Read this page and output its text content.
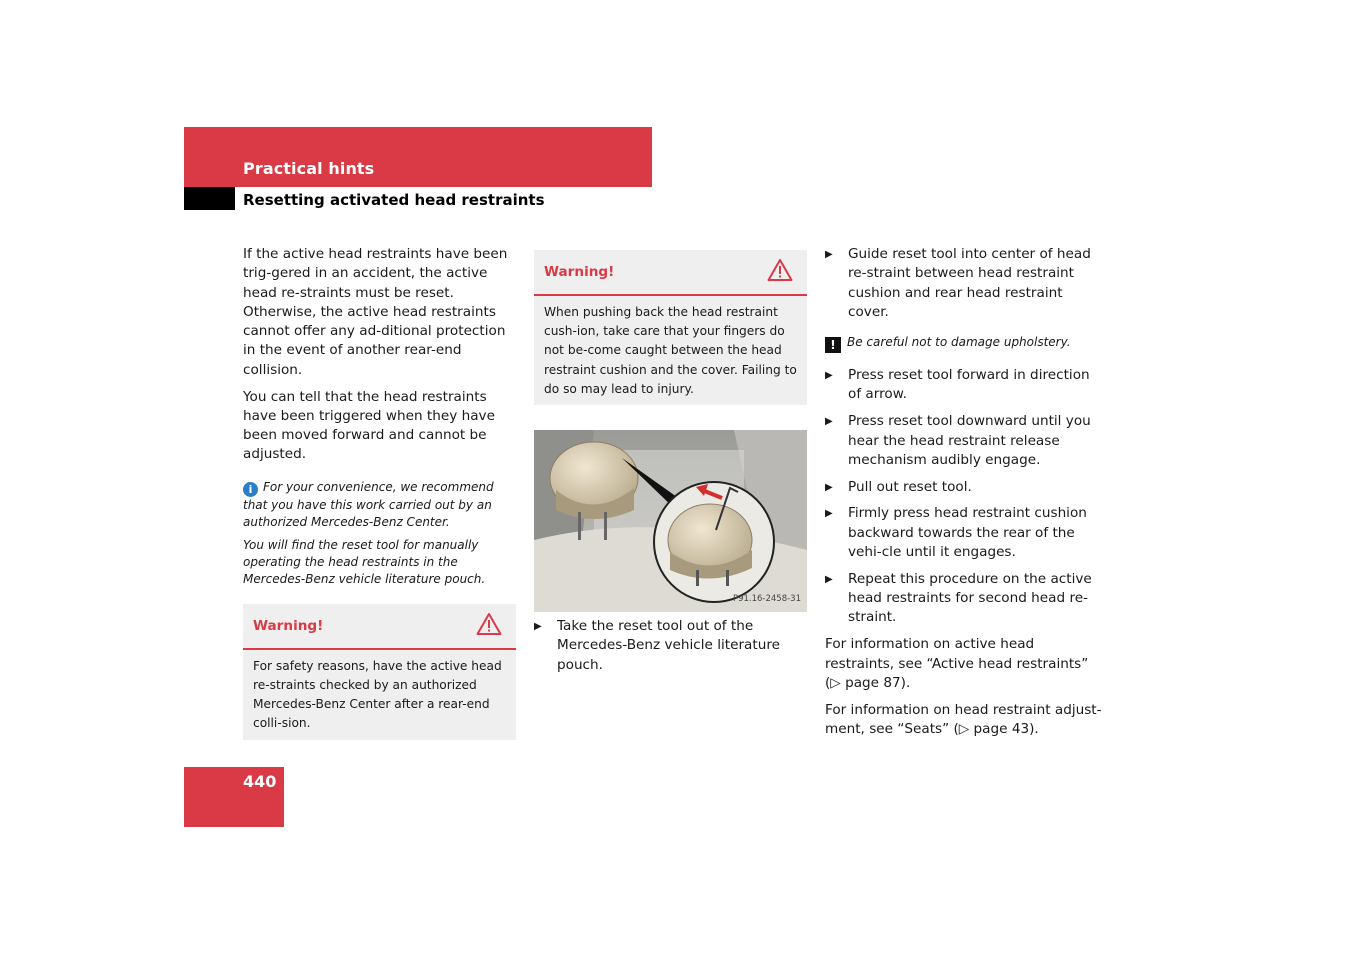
Practical hints
Resetting activated head restraints

If the active head restraints have been trig-gered in an accident, the active head re-straints must be reset. Otherwise, the active head restraints cannot offer any ad-ditional protection in the event of another rear-end collision.

You can tell that the head restraints have been triggered when they have been moved forward and cannot be adjusted.

i For your convenience, we recommend that you have this work carried out by an authorized Mercedes-Benz Center.
You will find the reset tool for manually operating the head restraints in the Mercedes-Benz vehicle literature pouch.
Warning!
For safety reasons, have the active head re-straints checked by an authorized Mercedes-Benz Center after a rear-end colli-sion.
Warning!
When pushing back the head restraint cush-ion, take care that your fingers do not be-come caught between the head restraint cushion and the cover. Failing to do so may lead to injury.
P91.16-2458-31
▶ Take the reset tool out of the Mercedes-Benz vehicle literature pouch.
▶ Guide reset tool into center of head re-straint between head restraint cushion and rear head restraint cover.
! Be careful not to damage upholstery.
▶ Press reset tool forward in direction of arrow.
▶ Press reset tool downward until you hear the head restraint release mechanism audibly engage.
▶ Pull out reset tool.
▶ Firmly press head restraint cushion backward towards the rear of the vehi-cle until it engages.
▶ Repeat this procedure on the active head restraints for second head re-straint.

For information on active head restraints, see “Active head restraints” (▷ page 87).

For information on head restraint adjust-ment, see “Seats” (▷ page 43).

440
